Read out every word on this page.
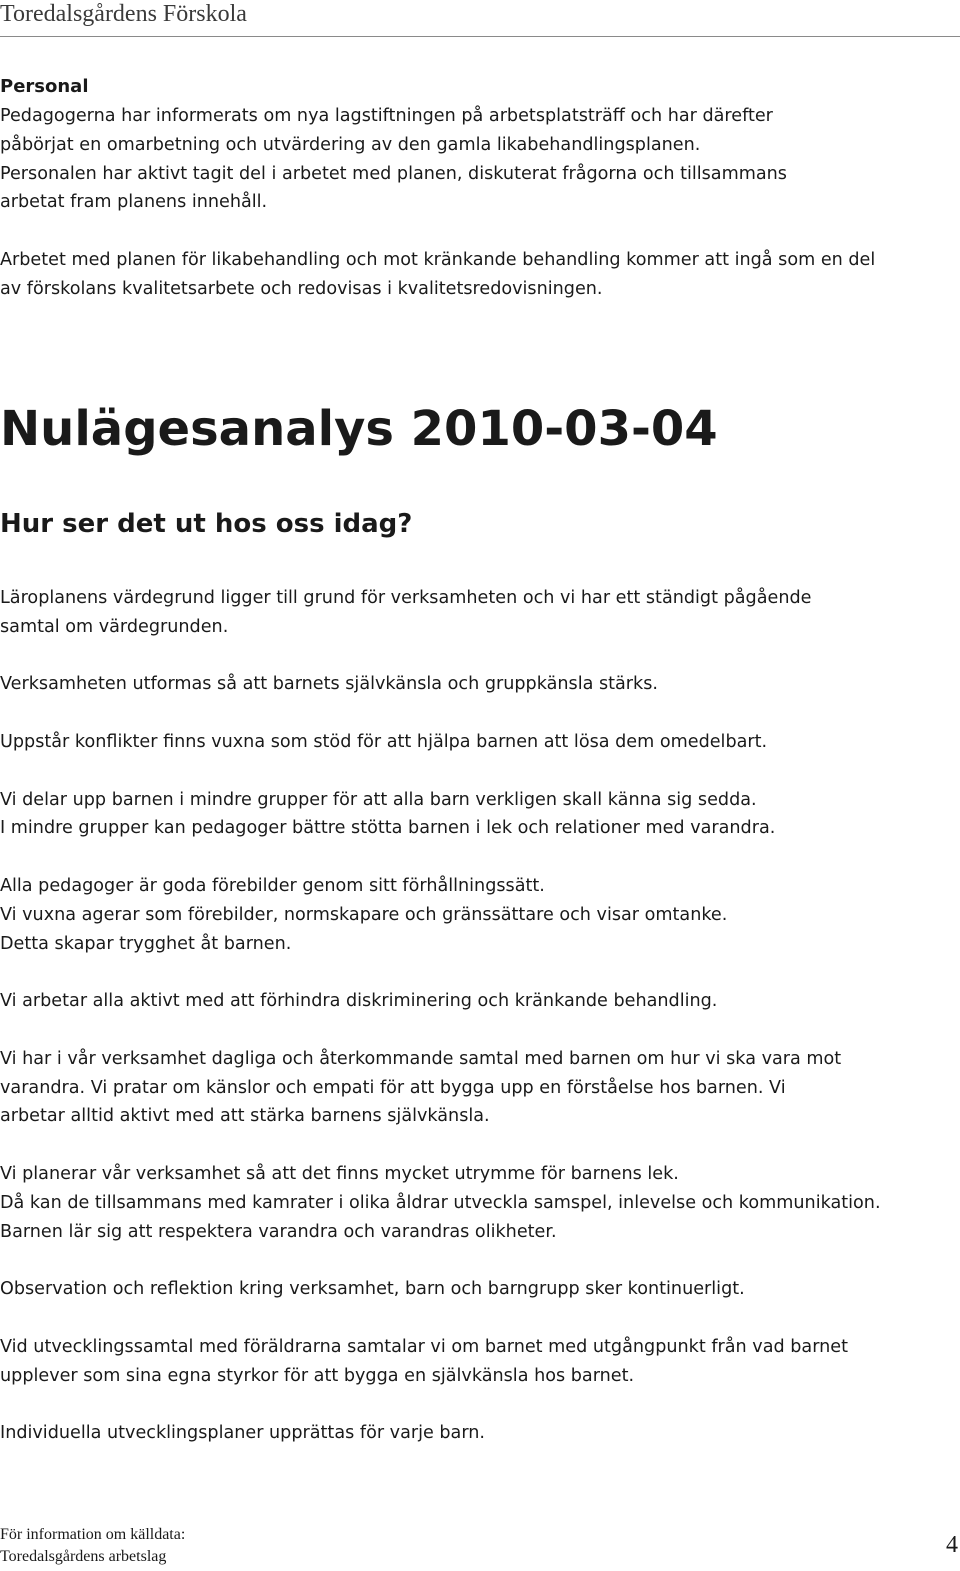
Toredalsgårdens Förskola

Personal

Pedagogerna har informerats om nya lagstiftningen på arbetsplatsträff och har därefter

påbörjat en omarbetning och utvärdering av den gamla likabehandlingsplanen.

Personalen har aktivt tagit del i arbetet med planen, diskuterat frågorna och tillsammans

arbetat fram planens innehåll.

Arbetet med planen för likabehandling och mot kränkande behandling kommer att ingå som en del

av förskolans kvalitetsarbete och redovisas i kvalitetsredovisningen.

Nulägesanalys 2010-03-04
Hur ser det ut hos oss idag?

Läroplanens värdegrund ligger till grund för verksamheten och vi har ett ständigt pågående

samtal om värdegrunden.

Verksamheten utformas så att barnets självkänsla och gruppkänsla stärks.

Uppstår konflikter finns vuxna som stöd för att hjälpa barnen att lösa dem omedelbart.

Vi delar upp barnen i mindre grupper för att alla barn verkligen skall känna sig sedda.

I mindre grupper kan pedagoger bättre stötta barnen i lek och relationer med varandra.

Alla pedagoger är goda förebilder genom sitt förhållningssätt.

Vi vuxna agerar som förebilder, normskapare och gränssättare och visar omtanke.

Detta skapar trygghet åt barnen.

Vi arbetar alla aktivt med att förhindra diskriminering och kränkande behandling.

Vi har i vår verksamhet dagliga och återkommande samtal med barnen om hur vi ska vara mot

varandra. Vi pratar om känslor och empati för att bygga upp en förståelse hos barnen. Vi

arbetar alltid aktivt med att stärka barnens självkänsla.

Vi planerar vår verksamhet så att det finns mycket utrymme för barnens lek.

Då kan de tillsammans med kamrater i olika åldrar utveckla samspel, inlevelse och kommunikation.

Barnen lär sig att respektera varandra och varandras olikheter.

Observation och reflektion kring verksamhet, barn och barngrupp sker kontinuerligt.

Vid utvecklingssamtal med föräldrarna samtalar vi om barnet med utgångpunkt från vad barnet

upplever som sina egna styrkor för att bygga en självkänsla hos barnet.

Individuella utvecklingsplaner upprättas för varje barn.

För information om källdata:

Toredalsgårdens arbetslag	4
